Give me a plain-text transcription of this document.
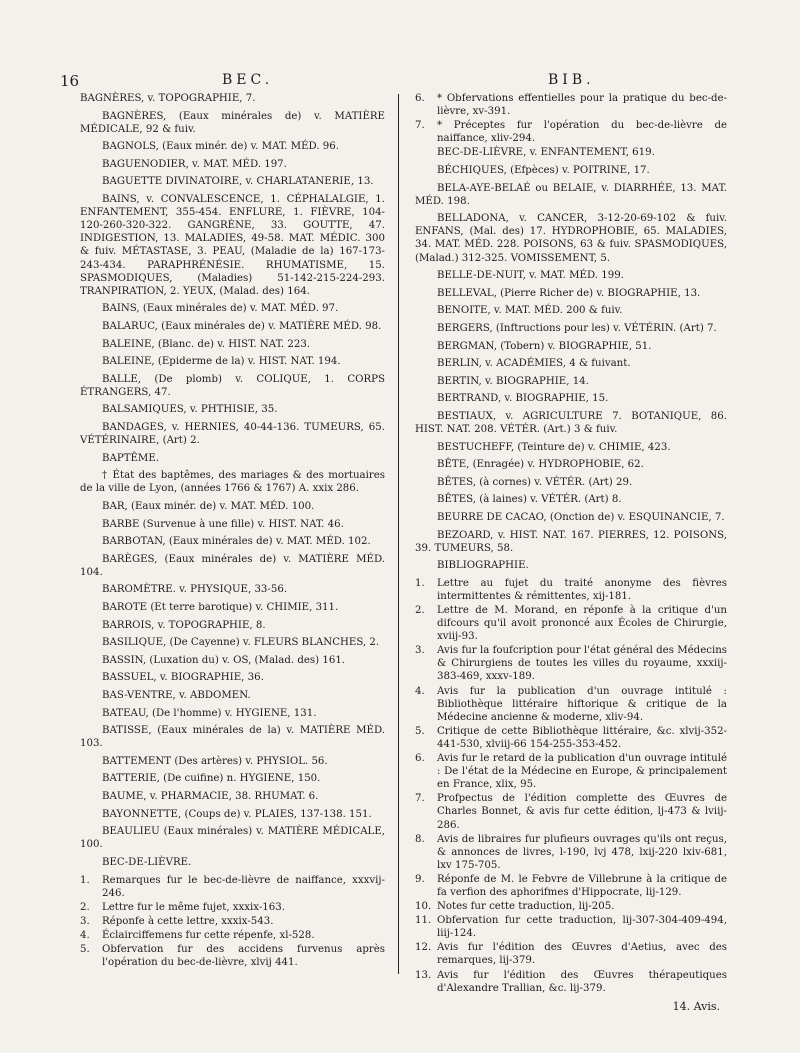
16	BEC.	BIB.

BAGNÈRES, v. TOPOGRAPHIE, 7.

BAGNÈRES, (Eaux minérales de) v. MATIÈRE MÉDICALE, 92 & fuiv.

BAGNOLS, (Eaux minér. de) v. MAT. MÉD. 96.

BAGUENODIER, v. MAT. MÉD. 197.

BAGUETTE DIVINATOIRE, v. CHARLATANERIE, 13.

BAINS, v. CONVALESCENCE, 1. CÉPHALALGIE, 1. ENFANTEMENT, 355-454. ENFLURE, 1. FIÈVRE, 104-120-260-320-322. GANGRÈNE, 33. GOUTTE, 47. INDIGESTION, 13. MALADIES, 49-58. MAT. MÉDIC. 300 & fuiv. MÉTASTASE, 3. PEAU, (Maladie de la) 167-173-243-434. PARAPHRÉNÉSIE. RHUMATISME, 15. SPASMODIQUES, (Maladies) 51-142-215-224-293. TRANPIRATION, 2. YEUX, (Malad. des) 164.

BAINS, (Eaux minérales de) v. MAT. MÉD. 97.

BALARUC, (Eaux minérales de) v. MATIÈRE MÉD. 98.

BALEINE, (Blanc. de) v. HIST. NAT. 223.

BALEINE, (Epiderme de la) v. HIST. NAT. 194.

BALLE, (De plomb) v. COLIQUE, 1. CORPS ÉTRANGERS, 47.

BALSAMIQUES, v. PHTHISIE, 35.

BANDAGES, v. HERNIES, 40-44-136. TUMEURS, 65. VÉTÉRINAIRE, (Art) 2.

BAPTÊME.

† État des baptêmes, des mariages & des mortuaires de la ville de Lyon, (années 1766 & 1767) A. xxix 286.

BAR, (Eaux minér. de) v. MAT. MÉD. 100.

BARBE (Survenue à une fille) v. HIST. NAT. 46.

BARBOTAN, (Eaux minérales de) v. MAT. MÉD. 102.

BARÈGES, (Eaux minérales de) v. MATIÈRE MÉD. 104.

BAROMÈTRE. v. PHYSIQUE, 33-56.

BAROTE (Et terre barotique) v. CHIMIE, 311.

BARROIS, v. TOPOGRAPHIE, 8.

BASILIQUE, (De Cayenne) v. FLEURS BLANCHES, 2.

BASSIN, (Luxation du) v. OS, (Malad. des) 161.

BASSUEL, v. BIOGRAPHIE, 36.

BAS-VENTRE, v. ABDOMEN.

BATEAU, (De l'homme) v. HYGIENE, 131.

BATISSE, (Eaux minérales de la) v. MATIÈRE MÉD. 103.

BATTEMENT (Des artères) v. PHYSIOL. 56.

BATTERIE, (De cuifine) n. HYGIENE, 150.

BAUME, v. PHARMACIE, 38. RHUMAT. 6.

BAYONNETTE, (Coups de) v. PLAIES, 137-138. 151.

BEAULIEU (Eaux minérales) v. MATIÈRE MÉDICALE, 100.

BEC-DE-LIÈVRE.

1. Remarques fur le bec-de-lièvre de naiffance, xxxvij-246.

2. Lettre fur le même fujet, xxxix-163.

3. Réponfe à cette lettre, xxxix-543.

4. Éclairciffemens fur cette répenfe, xl-528.

5. Obfervation fur des accidens furvenus après l'opération du bec-de-lièvre, xlvij 441.

6. * Obfervations effentielles pour la pratique du bec-de-lièvre, xv-391.

7. * Préceptes fur l'opération du bec-de-lièvre de naiffance, xliv-294.

BEC-DE-LIÈVRE, v. ENFANTEMENT, 619.

BÉCHIQUES, (Efpèces) v. POITRINE, 17.

BELA-AYE-BELAÉ ou BELAIE, v. DIARRHÉE, 13. MAT. MÉD. 198.

BELLADONA, v. CANCER, 3-12-20-69-102 & fuiv. ENFANS, (Mal. des) 17. HYDROPHOBIE, 65. MALADIES, 34. MAT. MÉD. 228. POISONS, 63 & fuiv. SPASMODIQUES, (Malad.) 312-325. VOMISSEMENT, 5.

BELLE-DE-NUIT, v. MAT. MÉD. 199.

BELLEVAL, (Pierre Richer de) v. BIOGRAPHIE, 13.

BENOITE, v. MAT. MÉD. 200 & fuiv.

BERGERS, (Inftructions pour les) v. VÉTÉRIN. (Art) 7.

BERGMAN, (Tobern) v. BIOGRAPHIE, 51.

BERLIN, v. ACADÉMIES, 4 & fuivant.

BERTIN, v. BIOGRAPHIE, 14.

BERTRAND, v. BIOGRAPHIE, 15.

BESTIAUX, v. AGRICULTURE 7. BOTANIQUE, 86. HIST. NAT. 208. VÉTÉR. (Art.) 3 & fuiv.

BESTUCHEFF, (Teinture de) v. CHIMIE, 423.

BÊTE, (Enragée) v. HYDROPHOBIE, 62.

BÊTES, (à cornes) v. VÉTÉR. (Art) 29.

BÊTES, (à laines) v. VÉTÉR. (Art) 8.

BEURRE DE CACAO, (Onction de) v. ESQUINANCIE, 7.

BEZOARD, v. HIST. NAT. 167. PIERRES, 12. POISONS, 39. TUMEURS, 58.

BIBLIOGRAPHIE.

1. Lettre au fujet du traité anonyme des fièvres intermittentes & rémittentes, xij-181.

2. Lettre de M. Morand, en réponfe à la critique d'un difcours qu'il avoit prononcé aux Écoles de Chirurgie, xviij-93.

3. Avis fur la foufcription pour l'état général des Médecins & Chirurgiens de toutes les villes du royaume, xxxiij-383-469, xxxv-189.

4. Avis fur la publication d'un ouvrage intitulé : Bibliothèque littéraire hiftorique & critique de la Médecine ancienne & moderne, xliv-94.

5. Critique de cette Bibliothèque littéraire, &c. xlvij-352-441-530, xlviij-66 154-255-353-452.

6. Avis fur le retard de la publication d'un ouvrage intitulé : De l'état de la Médecine en Europe, & principalement en France, xlix, 95.

7. Profpectus de l'édition complette des Œuvres de Charles Bonnet, & avis fur cette édition, lj-473 & lviij-286.

8. Avis de libraires fur plufieurs ouvrages qu'ils ont reçus, & annonces de livres, l-190, lvj 478, lxij-220 lxiv-681, lxv 175-705.

9. Réponfe de M. le Febvre de Villebrune à la critique de fa verfion des aphorifmes d'Hippocrate, lij-129.

10. Notes fur cette traduction, lij-205.

11. Obfervation fur cette traduction, lij-307-304-409-494, liij-124.

12. Avis fur l'édition des Œuvres d'Aetius, avec des remarques, lij-379.

13. Avis fur l'édition des Œuvres thérapeutiques d'Alexandre Trallian, &c. lij-379.

14. Avis.
